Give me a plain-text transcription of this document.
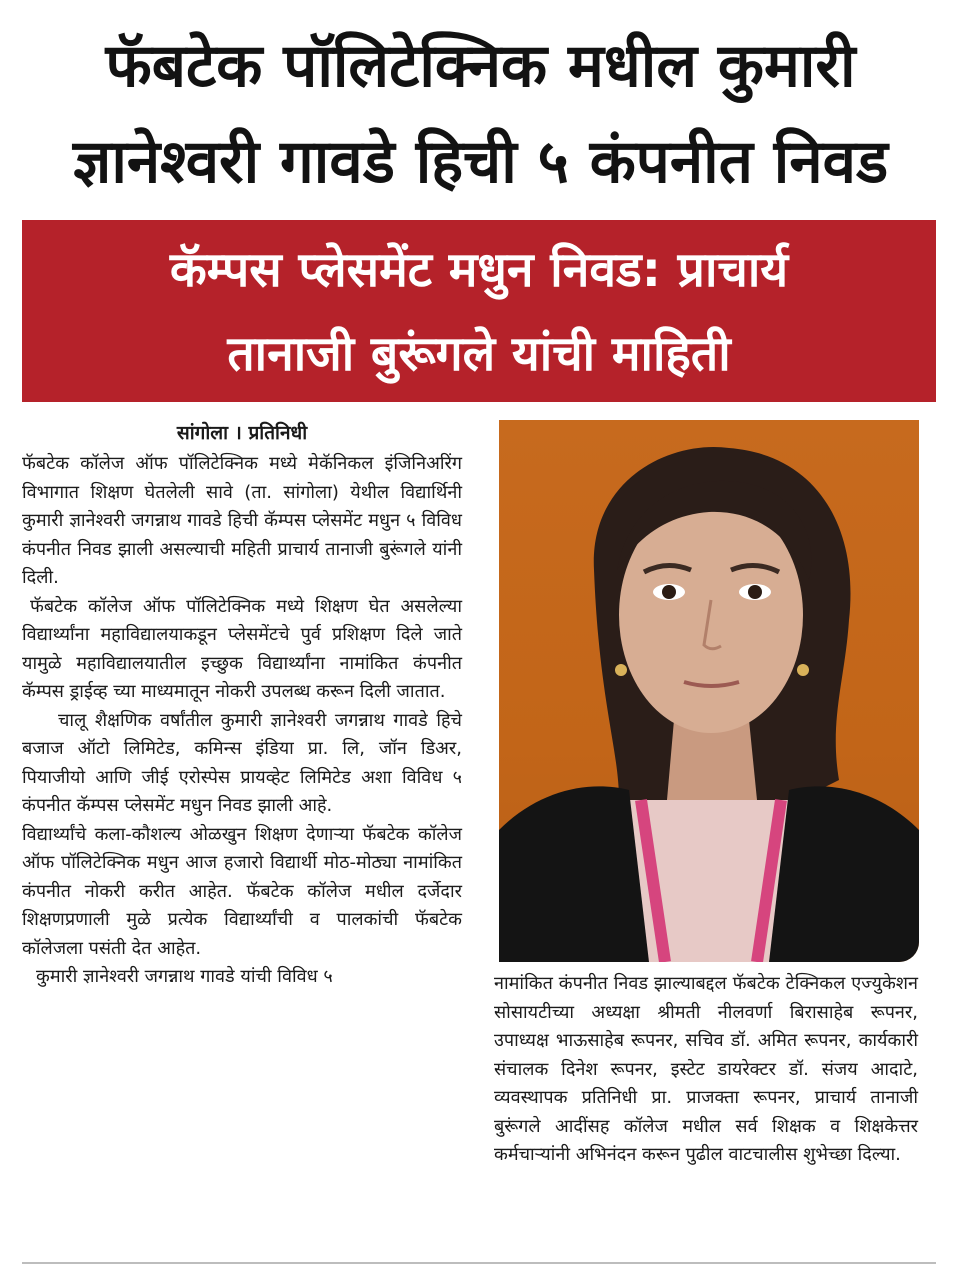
फॅबटेक पॉलिटेक्निक मधील कुमारी
ज्ञानेश्वरी गावडे हिची ५ कंपनीत निवड
कॅम्पस प्लेसमेंट मधुन निवड: प्राचार्य
तानाजी बुरूंगले यांची माहिती
सांगोला । प्रतिनिधी

फॅबटेक कॉलेज ऑफ पॉलिटेक्निक मध्ये मेकॅनिकल इंजिनिअरिंग विभागात शिक्षण घेतलेली सावे (ता. सांगोला) येथील विद्यार्थिनी कुमारी ज्ञानेश्वरी जगन्नाथ गावडे हिची कॅम्पस प्लेसमेंट मधुन ५ विविध कंपनीत निवड झाली असल्याची महिती प्राचार्य तानाजी बुरूंगले यांनी दिली.

फॅबटेक कॉलेज ऑफ पॉलिटेक्निक मध्ये शिक्षण घेत असलेल्या विद्यार्थ्यांना महाविद्यालयाकडून प्लेसमेंटचे पुर्व प्रशिक्षण दिले जाते यामुळे महाविद्यालयातील इच्छुक विद्यार्थ्यांना नामांकित कंपनीत कॅम्पस ड्राईव्ह च्या माध्यमातून नोकरी उपलब्ध करून दिली जातात.

चालू शैक्षणिक वर्षांतील कुमारी ज्ञानेश्वरी जगन्नाथ गावडे हिचे बजाज ऑटो लिमिटेड, कमिन्स इंडिया प्रा. लि, जॉन डिअर, पियाजीयो आणि जीई एरोस्पेस प्रायव्हेट लिमिटेड अशा विविध ५ कंपनीत कॅम्पस प्लेसमेंट मधुन निवड झाली आहे.

विद्यार्थ्यांचे कला-कौशल्य ओळखुन शिक्षण देणाऱ्या फॅबटेक कॉलेज ऑफ पॉलिटेक्निक मधुन आज हजारो विद्यार्थी मोठ-मोठ्या नामांकित कंपनीत नोकरी करीत आहेत. फॅबटेक कॉलेज मधील दर्जेदार शिक्षणप्रणाली मुळे प्रत्येक विद्यार्थ्यांची व पालकांची फॅबटेक कॉलेजला पसंती देत आहेत.

कुमारी ज्ञानेश्वरी जगन्नाथ गावडे यांची विविध ५	नामांकित कंपनीत निवड झाल्याबद्दल फॅबटेक टेक्निकल एज्युकेशन सोसायटीच्या अध्यक्षा श्रीमती नीलवर्णा बिरासाहेब रूपनर, उपाध्यक्ष भाऊसाहेब रूपनर, सचिव डॉ. अमित रूपनर, कार्यकारी संचालक दिनेश रूपनर, इस्टेट डायरेक्टर डॉ. संजय आदाटे, व्यवस्थापक प्रतिनिधी प्रा. प्राजक्ता रूपनर, प्राचार्य तानाजी बुरूंगले आदींसह कॉलेज मधील सर्व शिक्षक व शिक्षकेत्तर कर्मचाऱ्यांनी अभिनंदन करून पुढील वाटचालीस शुभेच्छा दिल्या.
